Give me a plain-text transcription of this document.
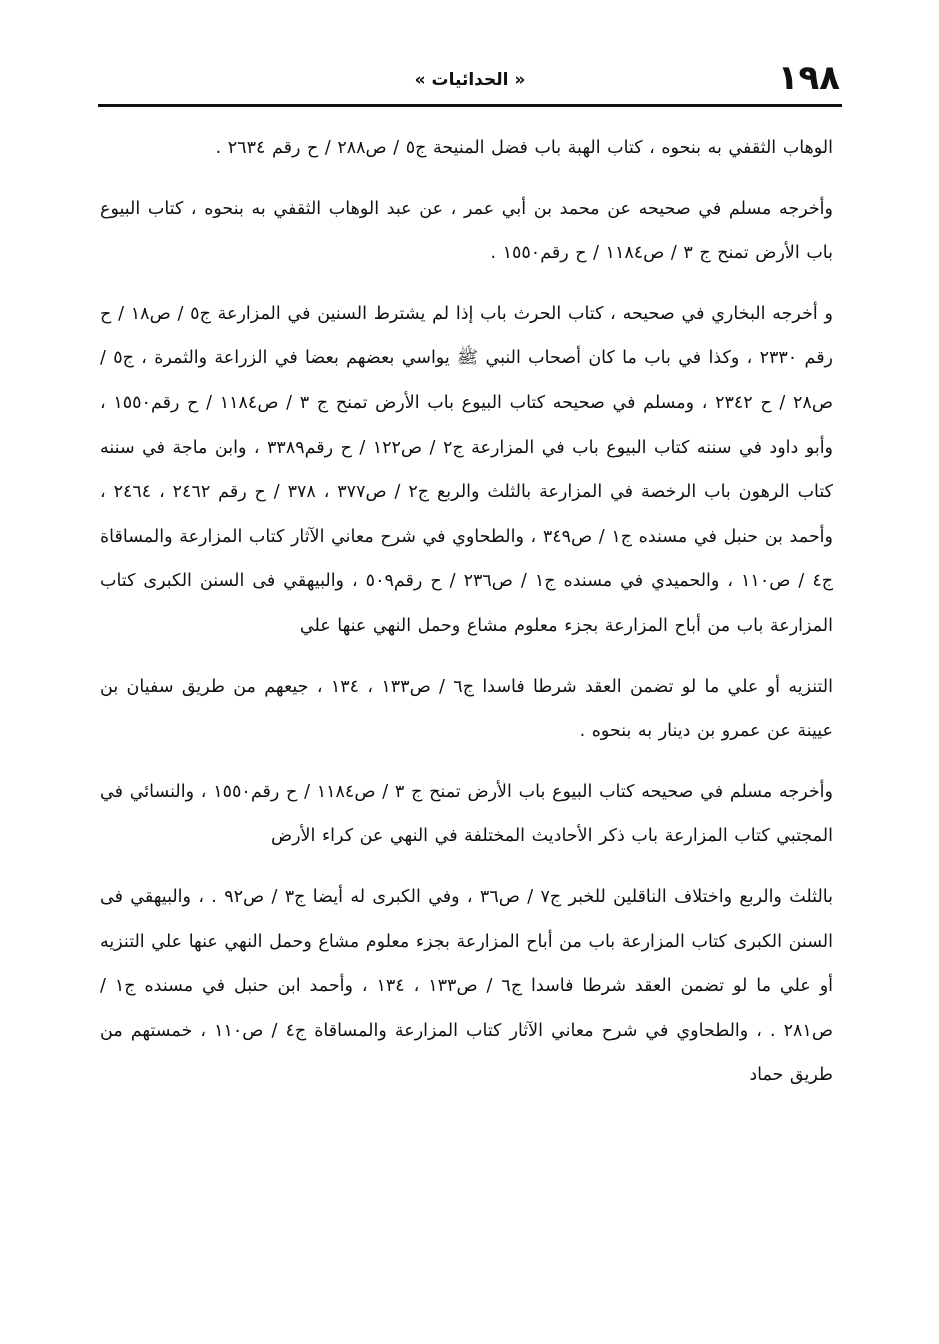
١٩٨
« الحدائيات »

الوهاب الثقفي به بنحوه ، كتاب الهبة باب فضل المنيحة ج٥ / ص٢٨٨ / ح رقم ٢٦٣٤ .

وأخرجه مسلم في صحيحه عن محمد بن أبي عمر ، عن عبد الوهاب الثقفي به بنحوه ، كتاب البيوع باب الأرض تمنح ج ٣ / ص١١٨٤ / ح رقم١٥٥٠ .

و أخرجه البخاري في صحيحه ، كتاب الحرث باب إذا لم يشترط السنين في المزارعة ج٥ / ص١٨ / ح رقم ٢٣٣٠ ، وكذا في باب ما كان أصحاب النبي ﷺ يواسي بعضهم بعضا في الزراعة والثمرة ، ج٥ / ص٢٨ / ح ٢٣٤٢ ، ومسلم في صحيحه كتاب البيوع باب الأرض تمنح ج ٣ / ص١١٨٤ / ح رقم١٥٥٠ ، وأبو داود في سننه كتاب البيوع باب في المزارعة ج٢ / ص١٢٢ / ح رقم٣٣٨٩ ، وابن ماجة في سننه كتاب الرهون باب الرخصة في المزارعة بالثلث والربع ج٢ / ص٣٧٧ ، ٣٧٨ / ح رقم ٢٤٦٢ ، ٢٤٦٤ ، وأحمد بن حنبل في مسنده ج١ / ص٣٤٩ ، والطحاوي في شرح معاني الآثار كتاب المزارعة والمساقاة ج٤ / ص١١٠ ، والحميدي في مسنده ج١ / ص٢٣٦ / ح رقم٥٠٩ ، والبيهقي فى السنن الكبرى كتاب المزارعة باب من أباح المزارعة بجزء معلوم مشاع وحمل النهي عنها علي

التنزيه أو علي ما لو تضمن العقد شرطا فاسدا ج٦ / ص١٣٣ ، ١٣٤ ، جيعهم من طريق سفيان بن عيينة عن عمرو بن دينار به بنحوه .

وأخرجه مسلم في صحيحه كتاب البيوع باب الأرض تمنح ج ٣ / ص١١٨٤ / ح رقم١٥٥٠ ، والنسائي في المجتبي كتاب المزارعة باب ذكر الأحاديث المختلفة في النهي عن كراء الأرض

بالثلث والربع واختلاف الناقلين للخبر ج٧ / ص٣٦ ، وفي الكبرى له أيضا ج٣ / ص٩٢ . ، والبيهقي فى السنن الكبرى كتاب المزارعة باب من أباح المزارعة بجزء معلوم مشاع وحمل النهي عنها علي التنزيه أو علي ما لو تضمن العقد شرطا فاسدا ج٦ / ص١٣٣ ، ١٣٤ ، وأحمد ابن حنبل في مسنده ج١ / ص٢٨١ . ، والطحاوي في شرح معاني الآثار كتاب المزارعة والمساقاة ج٤ / ص١١٠ ، خمستهم من طريق حماد
